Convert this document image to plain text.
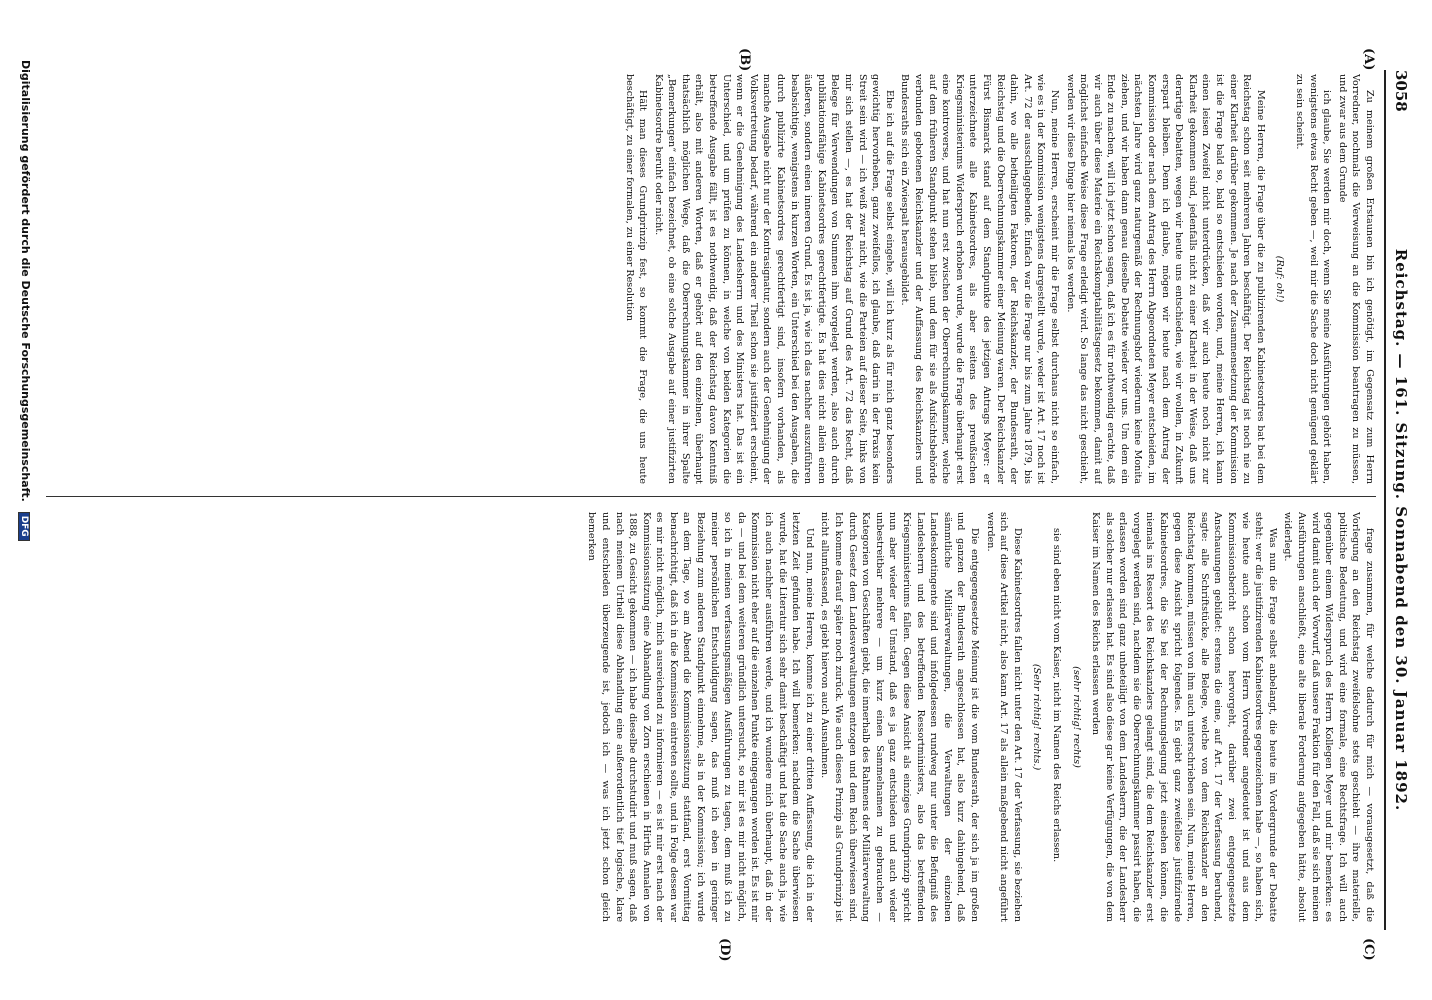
3058
Reichstag. — 161. Sitzung. Sonnabend den 30. Januar 1892.
(A)
(B)
(C)
(D)

Zu meinem großen Erstaunen bin ich genötigt, im Gegensatz zum Herrn Vorredner, nochmals die Verweisung an die Kommission beantragen zu müssen, und zwar aus dem Grunde

ich glaube, Sie werden mir doch, wenn Sie meine Ausführungen gehört haben, wenigstens etwas Recht geben —, weil mir die Sache doch nicht genügend geklärt zu sein scheint.

(Ruf: oh!)

Meine Herren, die Frage über die zu publizirenden Kabinetsordres bat bei dem Reichstag schon seit mehreren Jahren beschäftigt. Der Reichstag ist noch nie zu einer Klarheit darüber gekommen. Je nach der Zusammensetzung der Kommission ist die Frage bald so, bald so entschieden worden, und, meine Herren, ich kann einen leisen Zweifel nicht unterdrücken, daß wir auch heute noch nicht zur Klarheit gekommen sind, jedenfalls nicht zu einer Klarheit in der Weise, daß uns derartige Debatten, wegen wir heute uns entschieden, wie wir wollen, in Zukunft erspart bleiben. Denn ich glaube, mögen wir heute nach dem Antrag der Kommission oder nach dem Antrag des Herrn Abgeordneten Meyer entscheiden, im nächsten Jahre wird ganz naturgemäß der Rechnungshof wiederum keine Monita ziehen, und wir haben dann genau dieselbe Debatte wieder vor uns. Um dem ein Ende zu machen, will ich jetzt schon sagen, daß ich es für nothwendig erachte, daß wir auch über diese Materie ein Reichskomptabilitätsgesetz bekommen, damit auf möglichst einfache Weise diese Frage erledigt wird. So lange das nicht geschieht, werden wir diese Dinge hier niemals los werden.

Nun, meine Herren, erscheint mir die Frage selbst durchaus nicht so einfach, wie es in der Kommission wenigstens dargestellt wurde, weder ist Art. 17 noch ist Art. 72 der ausschlaggebende. Einfach war die Frage nur bis zum Jahre 1879, bis dahin, wo alle betheiligten Faktoren, der Reichskanzler, der Bundesrath, der Reichstag und die Oberrechnungskammer einer Meinung waren. Der Reichskanzler Fürst Bismarck stand auf dem Standpunkte des jetzigen Antrags Meyer: er unterzeichnete alle Kabinetsordres, als aber seitens des preußischen Kriegsministeriums Widerspruch erhoben wurde, wurde die Frage überhaupt erst eine kontroverse, und hat nun erst zwischen der Oberrechnungskammer, welche auf dem früheren Standpunkt stehen blieb, und dem für sie als Aufsichtsbehörde verbunden gebotenen Reichskanzler und der Auffassung des Reichskanzlers und Bundesraths sich ein Zwiespalt herausgebildet.

Ehe ich auf die Frage selbst eingehe, will ich kurz als für mich ganz besonders gewichtig hervorheben, ganz zweifellos, ich glaube, daß darin in der Praxis kein Streit sein wird — ich weiß zwar nicht, wie die Parteien auf dieser Seite, links von mir sich stellen —, es hat der Reichstag auf Grund des Art. 72 das Recht, daß Belege für Verwendungen von Summen ihm vorgelegt werden, also auch durch publikationsfähige Kabinetsordres gerechtfertigte. Es hat dies nicht allein einen äußeren, sondern einen inneren Grund. Es ist ja, wie ich das nachher auszuführen beabsichtige, wenigstens in kurzen Worten, ein Unterschied bei den Ausgaben, die durch publizirte Kabinetsordres gerechtfertigt sind, insofern vorhanden, als manche Ausgabe nicht nur der Kontrasignatur, sondern auch der Genehmigung der Volksvertretung bedarf, während ein anderer Theil schon sie justifiziert erscheint, wenn er die Genehmigung des Landesherrn und des Ministers hat. Das ist ein Unterschied, und um prüfen zu können, in welche von beiden Kategorien die betreffende Ausgabe fällt, ist es nothwendig, daß der Reichstag davon Kenntniß erhält, also mit anderen Worten, daß er gehört auf den einzelnen, überhaupt thatsächlich möglichen Wege, daß die Oberrechnungskammer in ihrer Spalte „Bemerkungen“ einfach bezeichnet, ob eine solche Ausgabe auf einer justifizirten Kabinetsordre beruht oder nicht.

Hält man dieses Grundprinzip fest, so kommt die Frage, die uns heute beschäftigt, zu einer formalen, zu einer Resolution

frage zusammen, für welche dadurch für mich — vorausgesetzt, daß die Vorlegung an den Reichstag zweifelsohne stets geschieht — ihre materielle, politische Bedeutung, und wird eine formale, eine Rechtsfrage. Ich will auch gegenüber einem Widerspruch des Herrn Kollegen Meyer und mir bemerken: es wird damit auch der Vorwurf, daß unsere Fraktion für den Fall, daß sie sich meinen Ausführungen anschließt, eine alte liberale Forderung aufgegeben hätte, absolut widerlegt.

Was nun die Frage selbst anbelangt, die heute im Vordergrunde der Debatte steht: wer die justifizirenden Kabinetsordres gegenzeichnen habe —, so haben sich, wie heute auch schon vom Herrn Vorredner angedeutet ist und aus dem Kommissionsbericht schon hervorgeht, darüber zwei entgegengesetzte Anschauungen gebildet: erstens die eine, auf Art. 17 der Verfassung beruhend, sagte: alle Schriftstücke, alle Belege, welche von dem Reichskanzler an den Reichstag kommen, müssen von ihm auch unterschrieben sein. Nun, meine Herren, gegen diese Ansicht spricht folgendes. Es giebt ganz zweifellose justifizirende Kabinetsordres, die Sie bei der Rechnungslegung jetzt einsehen können, die niemals ins Ressort des Reichskanzlers gelangt sind, die dem Reichskanzler erst vorgelegt werden sind, nachdem sie die Oberrechnungskammer passirt haben, die erlassen worden sind ganz unbeteiligt von dem Landesherrn, die der Landesherr als solcher nur erlassen hat. Es sind also diese gar keine Verfügungen, die von dem Kaiser im Namen des Reichs erlassen werden

(sehr richtig! rechts)

sie sind eben nicht vom Kaiser, nicht im Namen des Reichs erlassen.

(Sehr richtig! rechts.)

Diese Kabinetsordres fallen nicht unter den Art. 17 der Verfassung, sie beziehen sich auf diese Artikel nicht, also kann Art. 17 als allein maßgebend nicht angeführt werden.

Die entgegengesetzte Meinung ist die vom Bundesrath, der sich ja im großen und ganzen der Bundesrath angeschlossen hat, also kurz dahingehend, daß sämmtliche Militärverwaltungen, die Verwaltungen der einzelnen Landeskontingente sind und infolgedessen rundweg nur unter die Befugniß des Landesherrn und des betreffenden Ressortministers, also das betreffenden Kriegsministeriums fallen. Gegen diese Ansicht als einziges Grundprinzip spricht nun aber wieder der Umstand, daß es ja ganz entschieden und auch wieder unbestreitbar mehrere — um kurz einen Sammelnamen zu gebrauchen — Kategorien von Geschäften giebt, die innerhalb des Rahmens der Militärverwaltung durch Gesetz dem Landesverwaltungen entzogen und dem Reich überwiesen sind. Ich komme darauf später noch zurück. Wie auch dieses Prinzip als Grundprinzip ist nicht allumfassend, es giebt hiervon auch Ausnahmen.

Und nun, meine Herren, komme ich zu einer dritten Auffassung, die ich in der letzten Zeit gefunden habe. Ich will bemerken: nachdem die Sache überwiesen wurde, hat die Literatur sich sehr damit beschäftigt und hat die Sache auch ja, wie ich auch nachher ausführen werde, und ich wundere mich überhaupt, daß in der Kommission nicht eher auf die einzelnen Punkte eingegangen worden ist. Es ist mir da — und bei dem weiteren gründlich untersucht, so mir ist es mir nicht möglich, so ich in meinen verfassungsmäßigen Ausführungen zu tagen, dem muß ich zu meiner persönlichen Entschuldigung sagen, das muß ich eben in geringer Beziehung zum anderen Standpunkt einnehme, als in der Kommission; ich wurde an dem Tage, wo am Abend die Kommissionssitzung stattfand, erst Vormittag benachrichtigt, daß ich in die Kommission eintreten sollte, und in Folge dessen war es mir nicht möglich, mich ausreichend zu informieren — es ist mir erst nach der Kommissionssitzung eine Abhandlung von Zorn erschienen in Hirths Annalen von 1888, zu Gesicht gekommen — ich habe dieselbe durchstudirt und muß sagen, daß nach meinem Urtheil diese Abhandlung eine außerordentlich tief logische, klare und entschieden überzeugende ist, jedoch ich — was ich jetzt schon gleich bemerken

Digitalisierung gefördert durch die Deutsche Forschungsgemeinschaft. DFG
